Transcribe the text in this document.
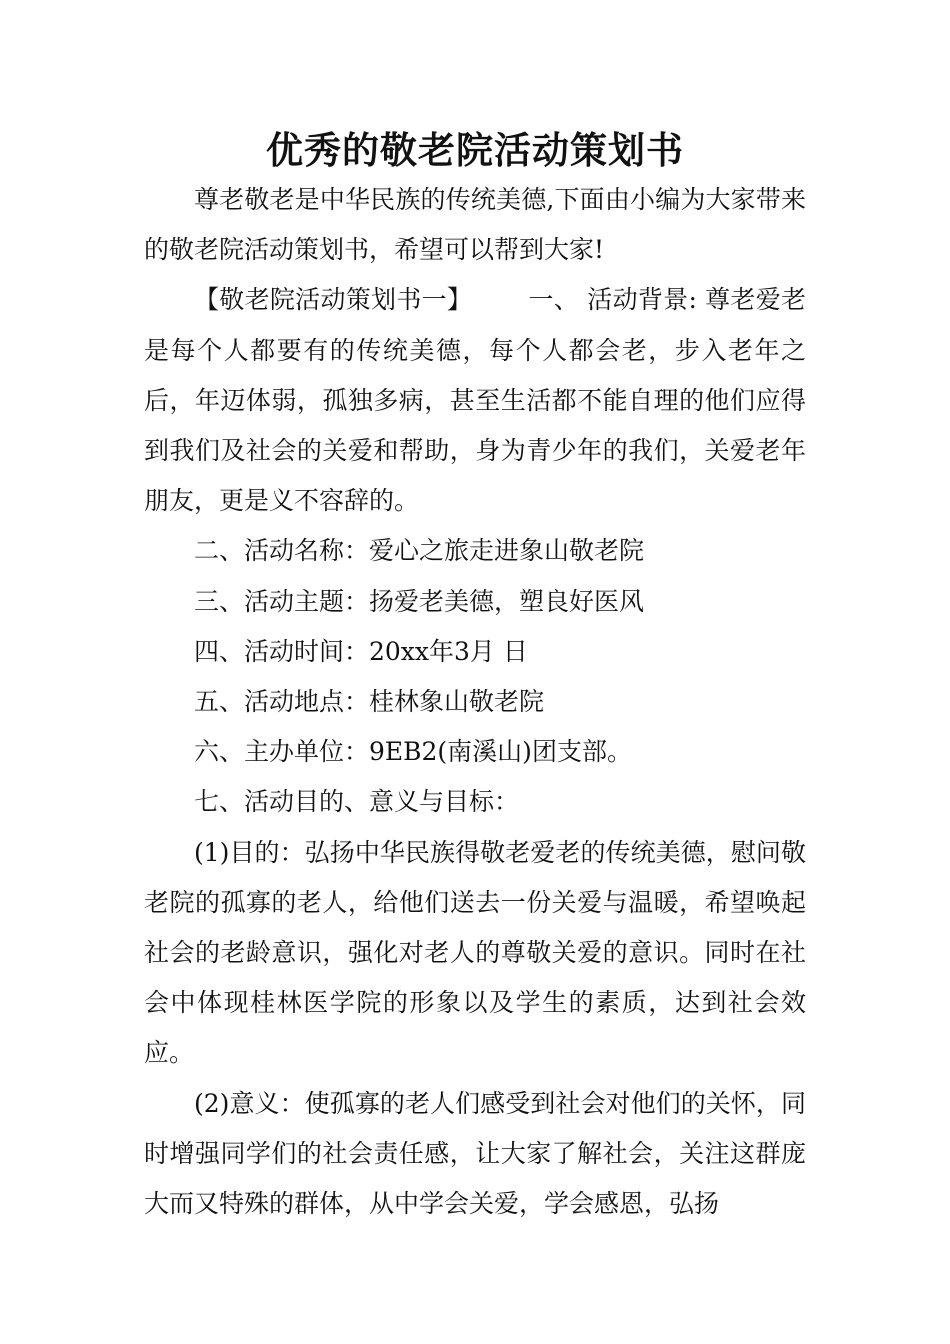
优秀的敬老院活动策划书

尊老敬老是中华民族的传统美德,下面由小编为大家带来的敬老院活动策划书，希望可以帮到大家!

【敬老院活动策划书一】 一、 活动背景: 尊老爱老是每个人都要有的传统美德，每个人都会老，步入老年之后，年迈体弱，孤独多病，甚至生活都不能自理的他们应得到我们及社会的关爱和帮助，身为青少年的我们，关爱老年朋友，更是义不容辞的。

二、活动名称：爱心之旅走进象山敬老院

三、活动主题：扬爱老美德，塑良好医风

四、活动时间：20xx年3月 日

五、活动地点：桂林象山敬老院

六、主办单位：9EB2(南溪山)团支部。

七、活动目的、意义与目标：

(1)目的：弘扬中华民族得敬老爱老的传统美德，慰问敬老院的孤寡的老人，给他们送去一份关爱与温暖，希望唤起社会的老龄意识，强化对老人的尊敬关爱的意识。同时在社会中体现桂林医学院的形象以及学生的素质，达到社会效应。

(2)意义：使孤寡的老人们感受到社会对他们的关怀，同时增强同学们的社会责任感，让大家了解社会，关注这群庞大而又特殊的群体，从中学会关爱，学会感恩，弘扬
